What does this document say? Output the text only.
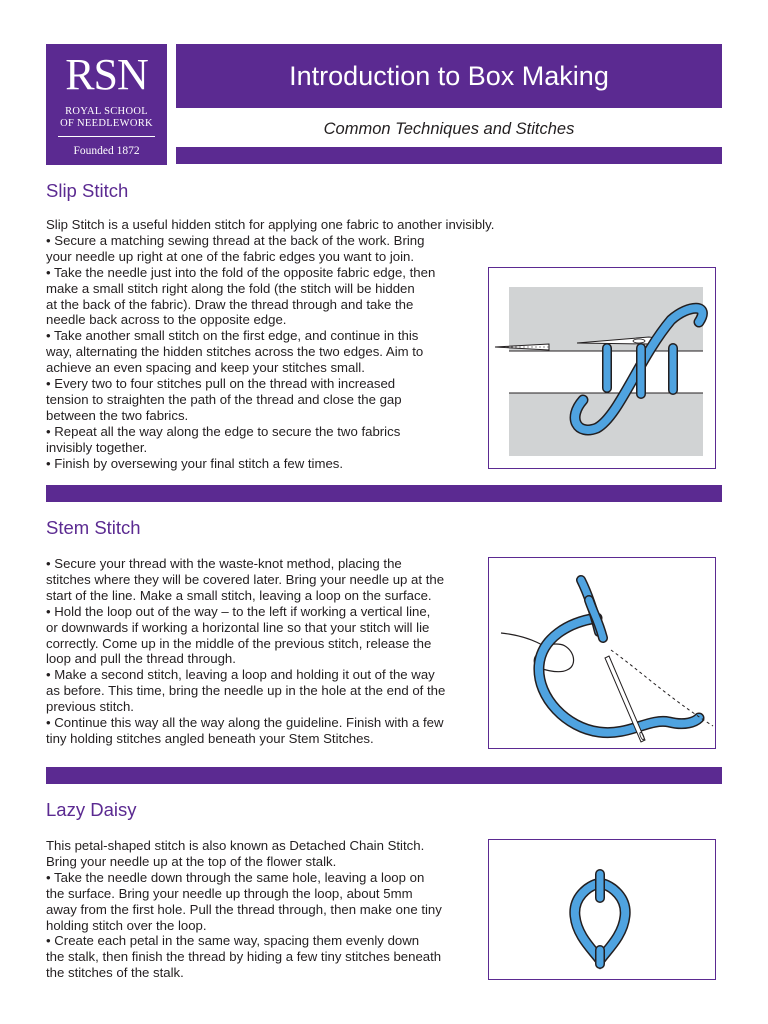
RSN
ROYAL SCHOOL
OF NEEDLEWORK
Founded 1872
Introduction to Box Making
Common Techniques and Stitches
Slip Stitch

Slip Stitch is a useful hidden stitch for applying one fabric to another invisibly.

• Secure a matching sewing thread at the back of the work. Bring

your needle up right at one of the fabric edges you want to join.

• Take the needle just into the fold of the opposite fabric edge, then

make a small stitch right along the fold (the stitch will be hidden

at the back of the fabric). Draw the thread through and take the

needle back across to the opposite edge.

• Take another small stitch on the first edge, and continue in this

way, alternating the hidden stitches across the two edges. Aim to

achieve an even spacing and keep your stitches small.

• Every two to four stitches pull on the thread with increased

tension to straighten the path of the thread and close the gap

between the two fabrics.

• Repeat all the way along the edge to secure the two fabrics

invisibly together.

• Finish by oversewing your final stitch a few times.

Stem Stitch

• Secure your thread with the waste-knot method, placing the

stitches where they will be covered later. Bring your needle up at the

start of the line. Make a small stitch, leaving a loop on the surface.

• Hold the loop out of the way – to the left if working a vertical line,

or downwards if working a horizontal line so that your stitch will lie

correctly. Come up in the middle of the previous stitch, release the

loop and pull the thread through.

• Make a second stitch, leaving a loop and holding it out of the way

as before. This time, bring the needle up in the hole at the end of the

previous stitch.

• Continue this way all the way along the guideline. Finish with a few

tiny holding stitches angled beneath your Stem Stitches.

Lazy Daisy

This petal-shaped stitch is also known as Detached Chain Stitch.

Bring your needle up at the top of the flower stalk.

• Take the needle down through the same hole, leaving a loop on

the surface. Bring your needle up through the loop, about 5mm

away from the first hole. Pull the thread through, then make one tiny

holding stitch over the loop.

• Create each petal in the same way, spacing them evenly down

the stalk, then finish the thread by hiding a few tiny stitches beneath

the stitches of the stalk.
